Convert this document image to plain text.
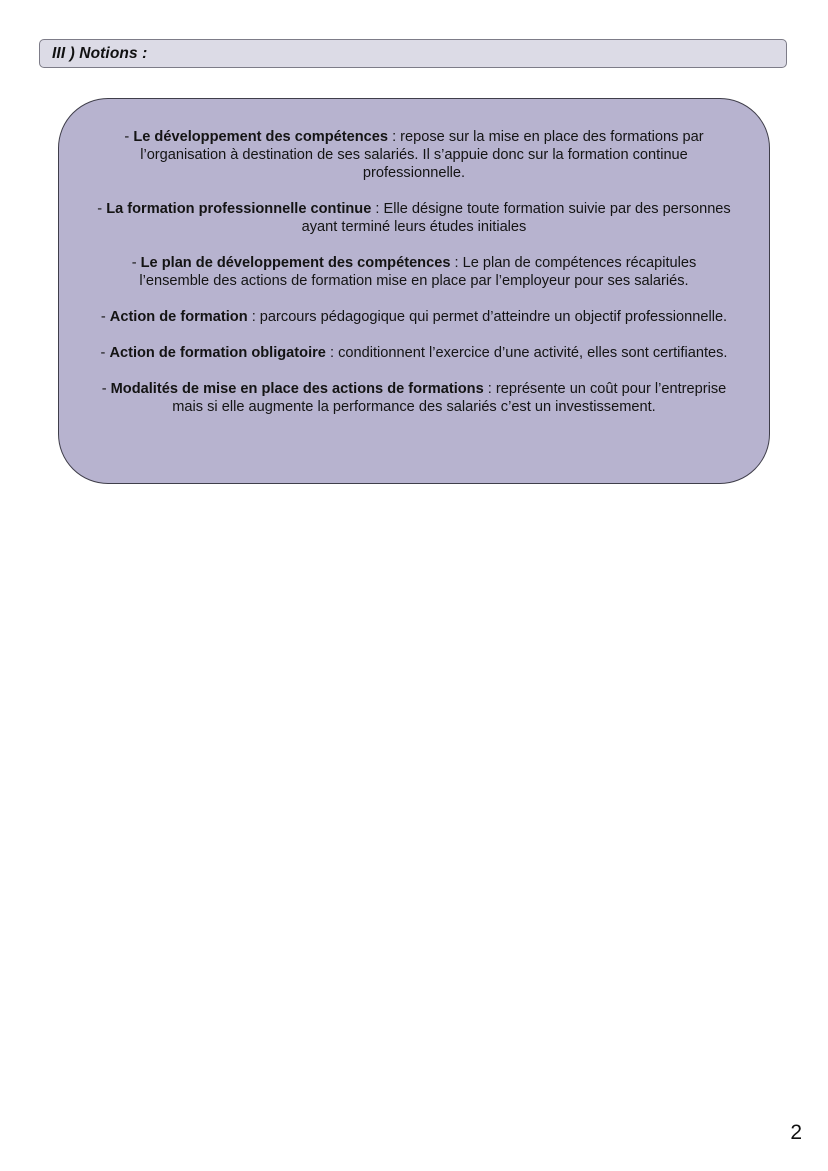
III ) Notions :

- Le développement des compétences : repose sur la mise en place des formations par l’organisation à destination de ses salariés. Il s’appuie donc sur la formation continue professionnelle.

- La formation professionnelle continue : Elle désigne toute formation suivie par des personnes ayant terminé leurs études initiales

- Le plan de développement des compétences : Le plan de compétences récapitules l’ensemble des actions de formation mise en place par l’employeur pour ses salariés.

- Action de formation : parcours pédagogique qui permet d’atteindre un objectif professionnelle.

- Action de formation obligatoire : conditionnent l’exercice d’une activité, elles sont certifiantes.

- Modalités de mise en place des actions de formations : représente un coût pour l’entreprise mais si elle augmente la performance des salariés c’est un investissement.

2
